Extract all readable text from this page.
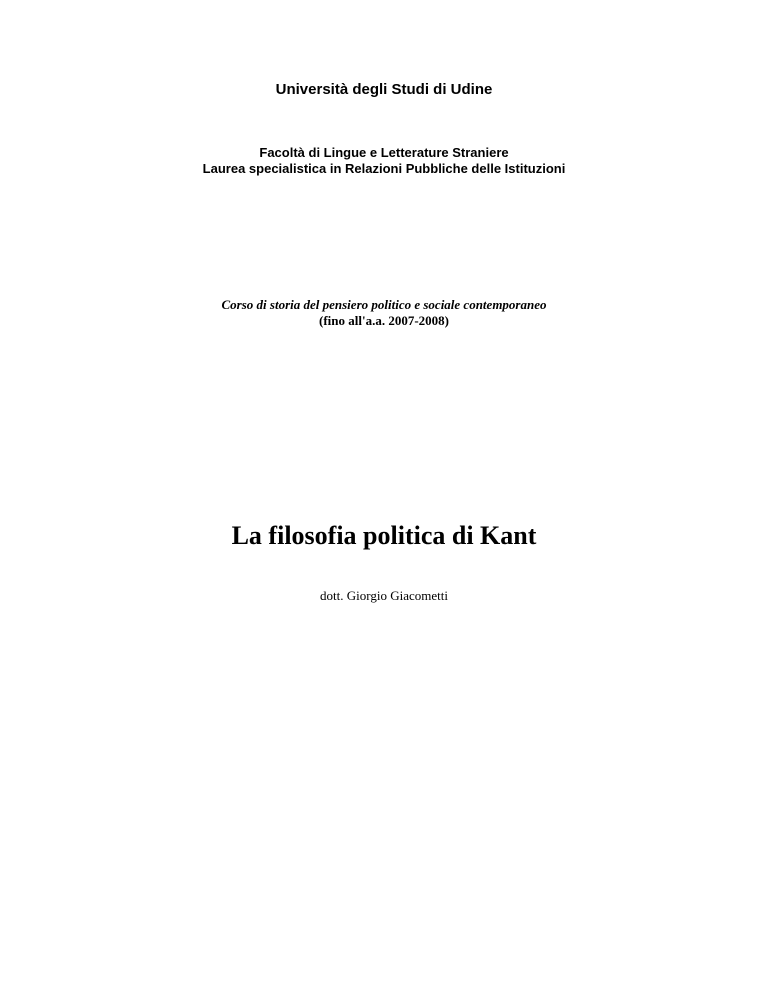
Università degli Studi di Udine
Facoltà di Lingue e Letterature Straniere
Laurea specialistica in Relazioni Pubbliche delle Istituzioni
Corso di storia del pensiero politico e sociale contemporaneo
(fino all'a.a. 2007-2008)
La filosofia politica di Kant
dott. Giorgio Giacometti
